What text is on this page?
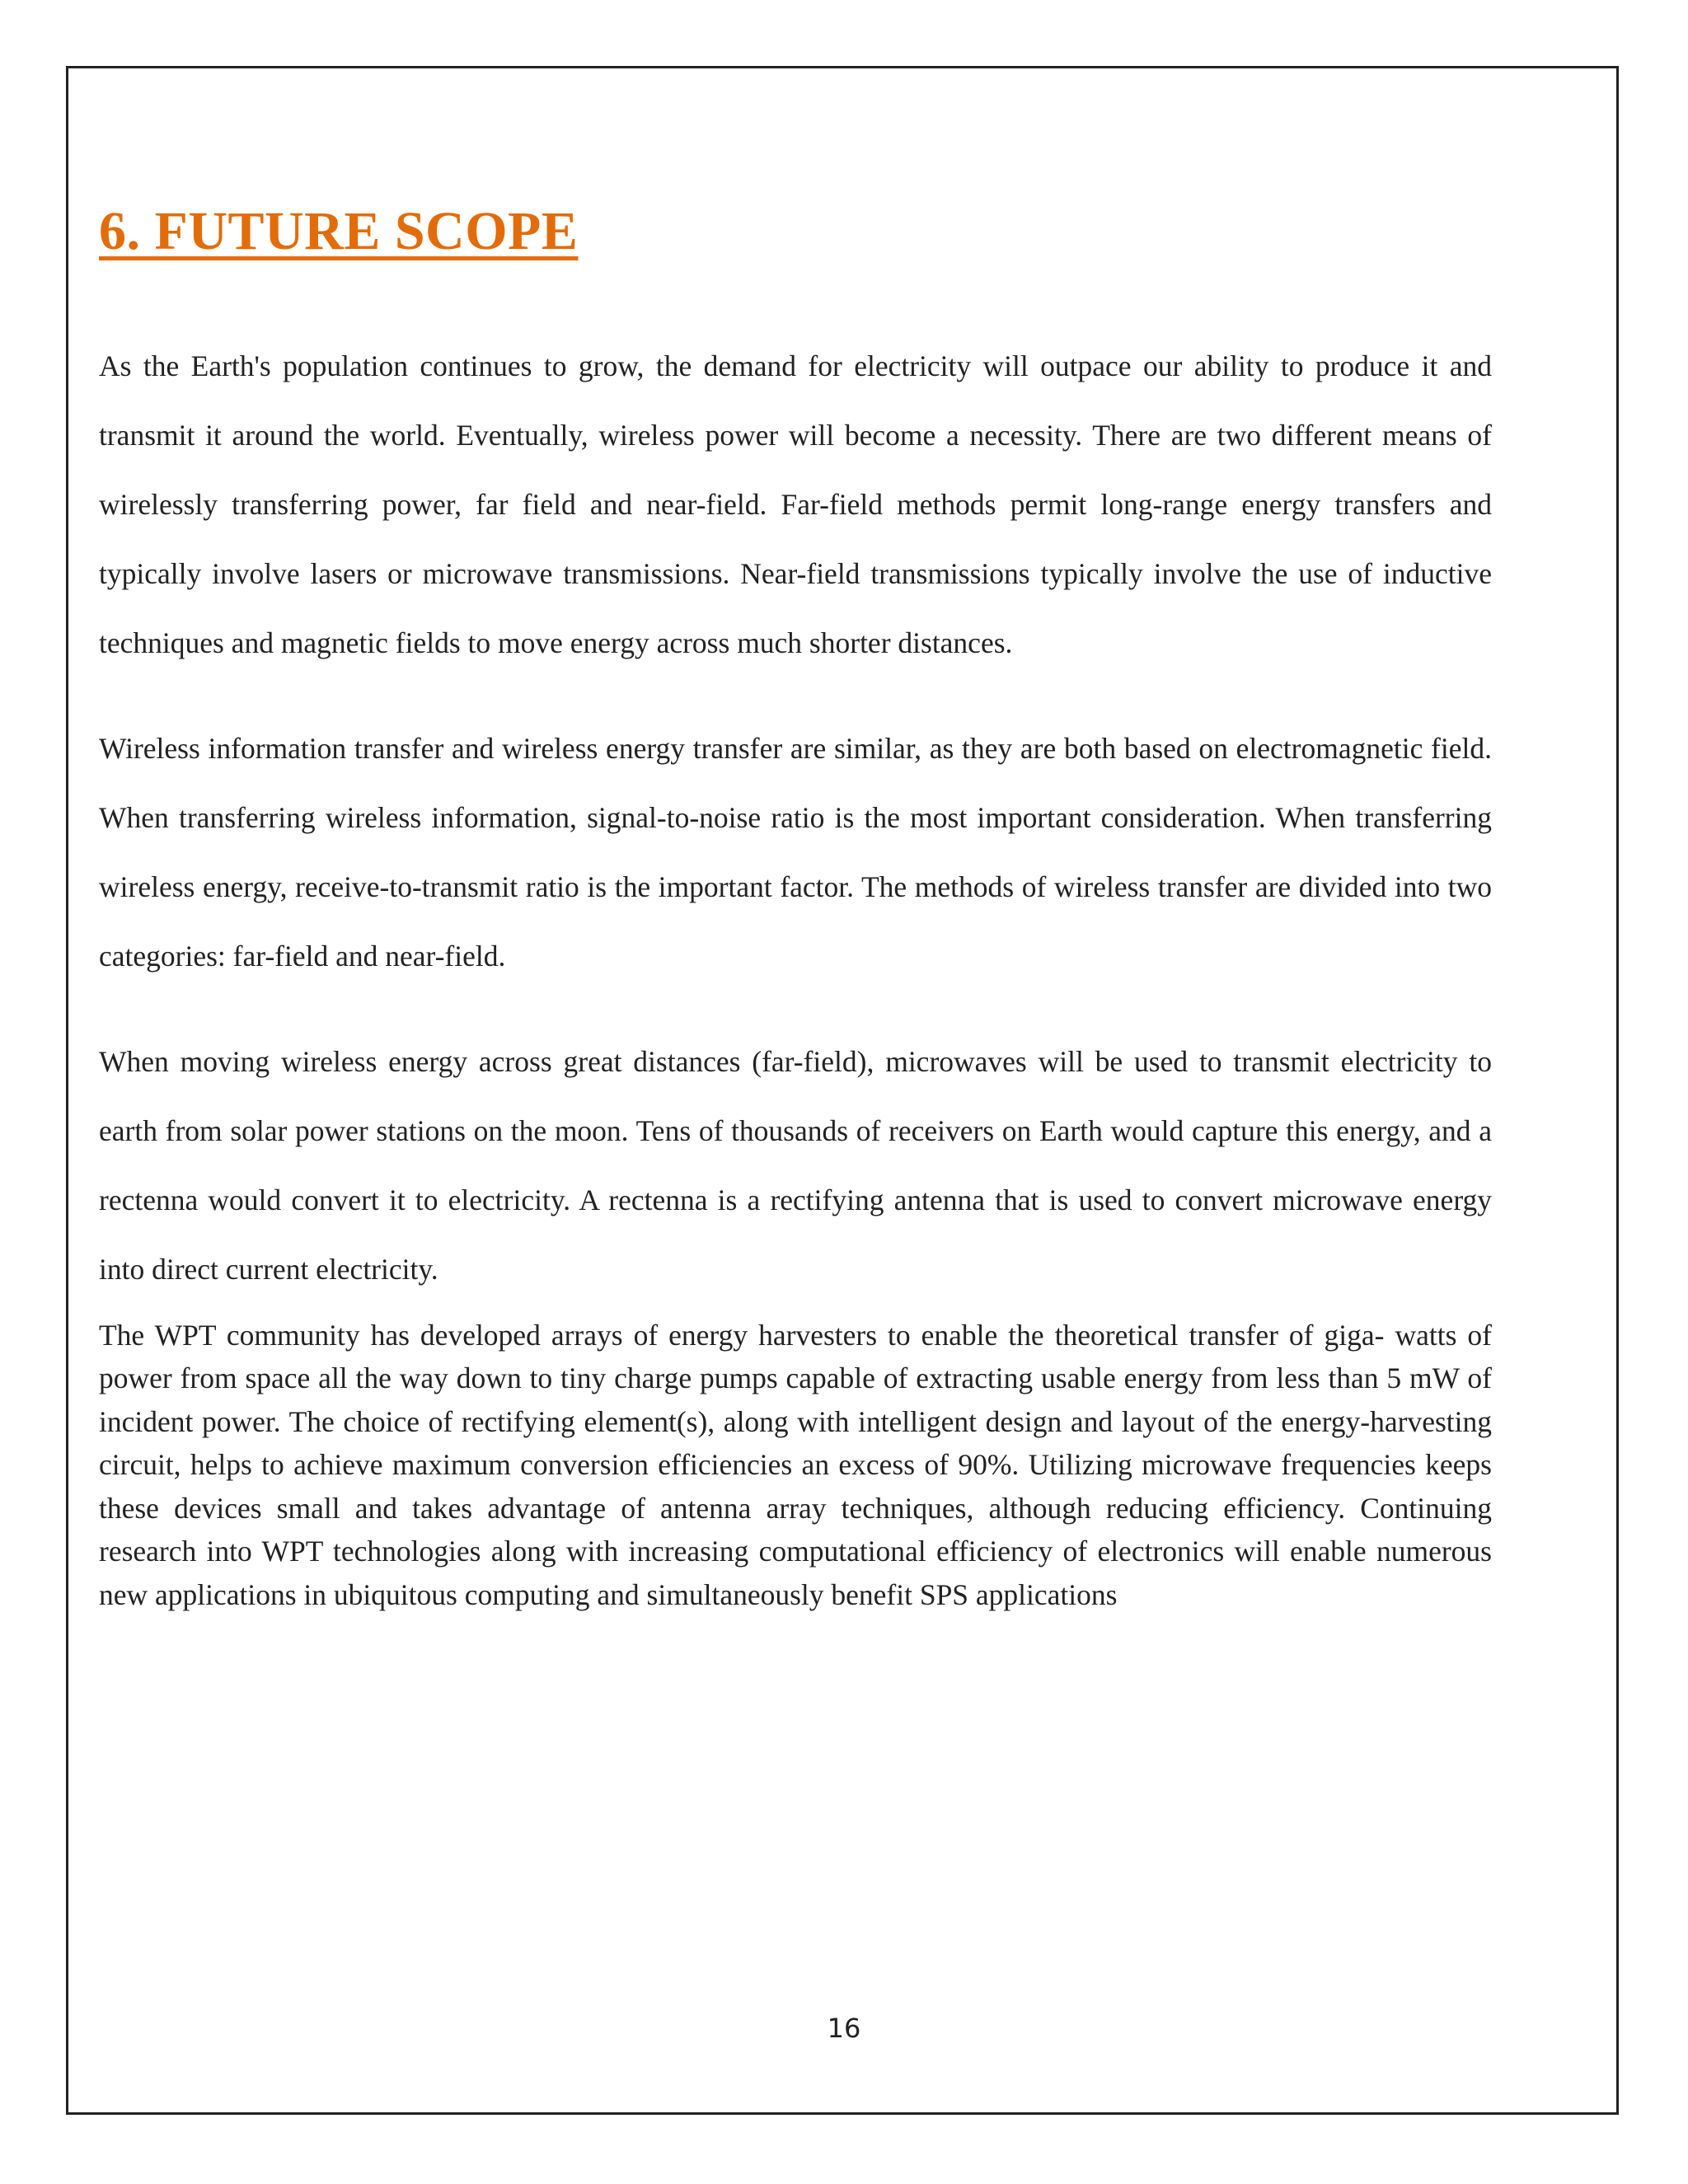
6. FUTURE SCOPE

As the Earth's population continues to grow, the demand for electricity will outpace our ability to produce it and transmit it around the world. Eventually, wireless power will become a necessity. There are two different means of wirelessly transferring power, far field and near-field. Far-field methods permit long-range energy transfers and typically involve lasers or microwave transmissions. Near-field transmissions typically involve the use of inductive techniques and magnetic fields to move energy across much shorter distances.

Wireless information transfer and wireless energy transfer are similar, as they are both based on electromagnetic field. When transferring wireless information, signal-to-noise ratio is the most important consideration. When transferring wireless energy, receive-to-transmit ratio is the important factor. The methods of wireless transfer are divided into two categories: far-field and near-field.

When moving wireless energy across great distances (far-field), microwaves will be used to transmit electricity to earth from solar power stations on the moon. Tens of thousands of receivers on Earth would capture this energy, and a rectenna would convert it to electricity. A rectenna is a rectifying antenna that is used to convert microwave energy into direct current electricity.

The WPT community has developed arrays of energy harvesters to enable the theoretical transfer of giga- watts of power from space all the way down to tiny charge pumps capable of extracting usable energy from less than 5 mW of incident power. The choice of rectifying element(s), along with intelligent design and layout of the energy-harvesting circuit, helps to achieve maximum conversion efficiencies an excess of 90%. Utilizing microwave frequencies keeps these devices small and takes advantage of antenna array techniques, although reducing efficiency. Continuing research into WPT technologies along with increasing computational efficiency of electronics will enable numerous new applications in ubiquitous computing and simultaneously benefit SPS applications

16
